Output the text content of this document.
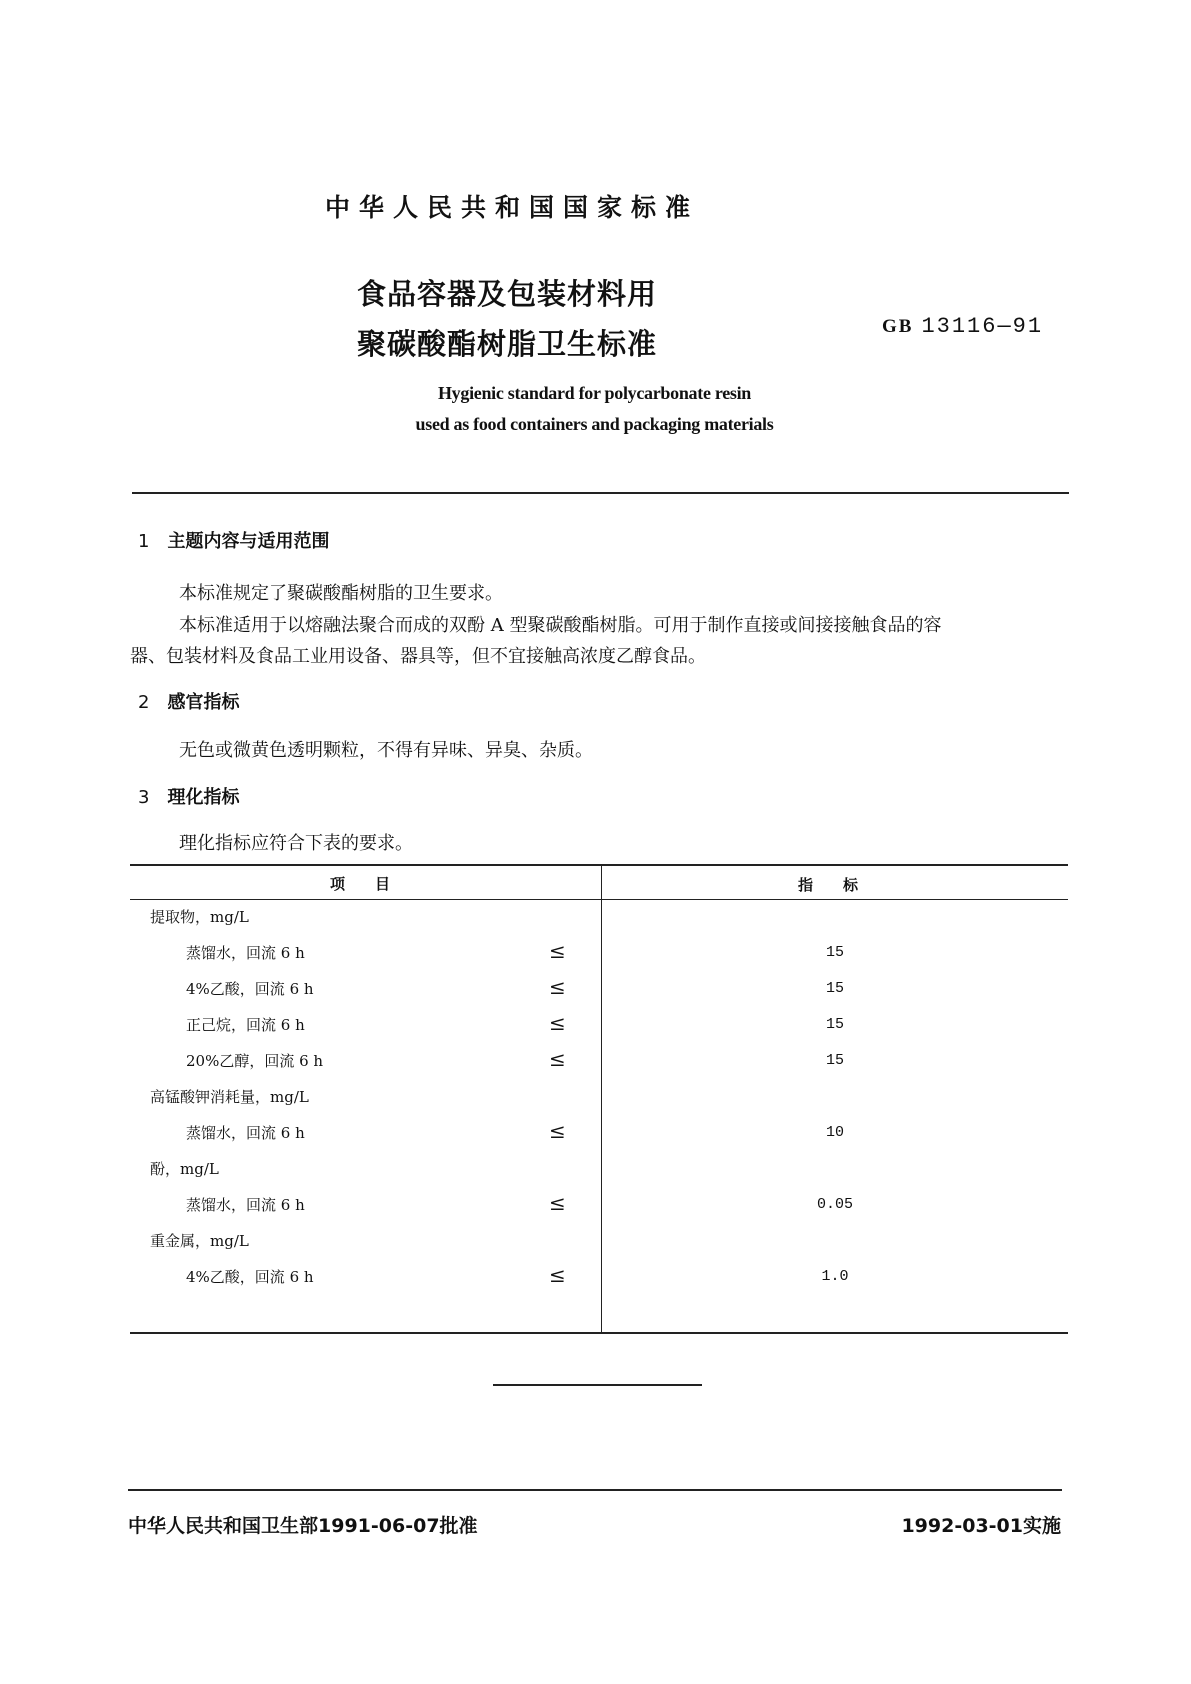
中华人民共和国国家标准
食品容器及包装材料用
聚碳酸酯树脂卫生标准
GB 13116—91
Hygienic standard for polycarbonate resin
used as food containers and packaging materials
1 主题内容与适用范围
本标准规定了聚碳酸酯树脂的卫生要求。
本标准适用于以熔融法聚合而成的双酚 A 型聚碳酸酯树脂。可用于制作直接或间接接触食品的容
器、包装材料及食品工业用设备、器具等，但不宜接触高浓度乙醇食品。
2 感官指标
无色或微黄色透明颗粒，不得有异味、异臭、杂质。
3 理化指标
理化指标应符合下表的要求。
项　　目	指　　标
提取物，mg/L
蒸馏水，回流 6 h	≤	15
4%乙酸，回流 6 h	≤	15
正己烷，回流 6 h	≤	15
20%乙醇，回流 6 h	≤	15
高锰酸钾消耗量，mg/L
蒸馏水，回流 6 h	≤	10
酚，mg/L
蒸馏水，回流 6 h	≤	0.05
重金属，mg/L
4%乙酸，回流 6 h	≤	1.0
中华人民共和国卫生部1991-06-07批准	1992-03-01实施
